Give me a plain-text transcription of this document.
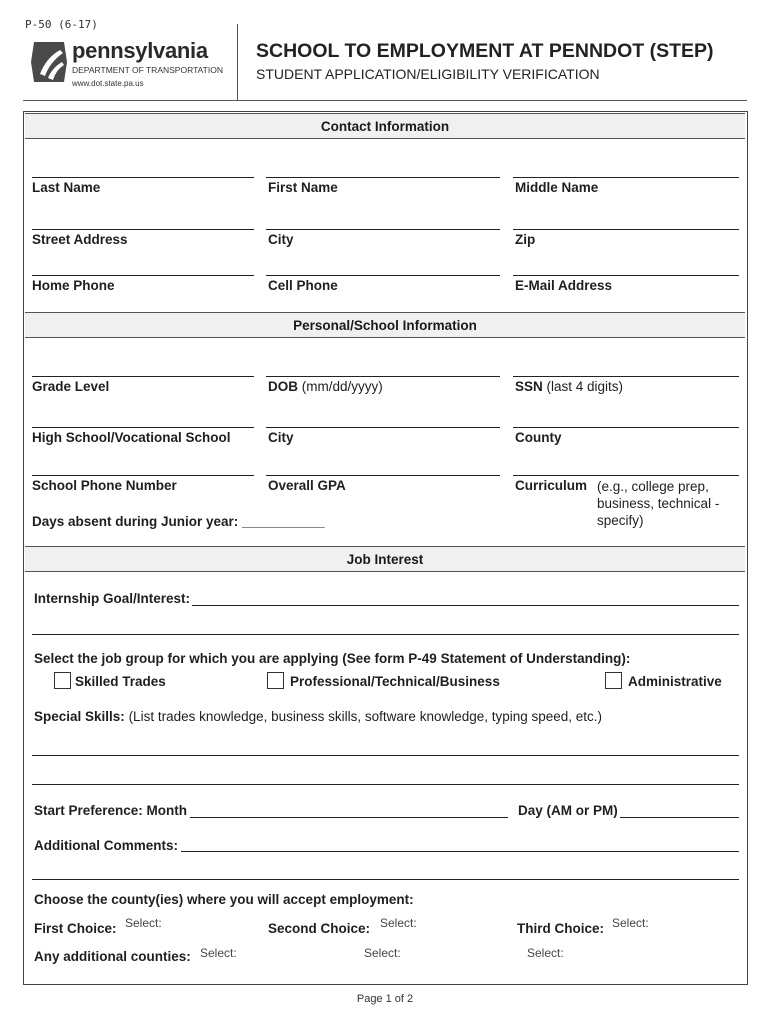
P-50 (6-17)
pennsylvania
DEPARTMENT OF TRANSPORTATION
www.dot.state.pa.us
SCHOOL TO EMPLOYMENT AT PENNDOT (STEP)
STUDENT APPLICATION/ELIGIBILITY VERIFICATION
Contact Information
Last Name	First Name	Middle Name
Street Address	City	Zip
Home Phone	Cell Phone	E-Mail Address
Personal/School Information
Grade Level	DOB (mm/dd/yyyy)	SSN (last 4 digits)
High School/Vocational School	City	County
School Phone Number	Overall GPA	Curriculum (e.g., college prep,
business, technical -
specify)
Days absent during Junior year: ___________
Job Interest
Internship Goal/Interest:
Select the job group for which you are applying (See form P-49 Statement of Understanding):
Skilled Trades	Professional/Technical/Business	Administrative
Special Skills: (List trades knowledge, business skills, software knowledge, typing speed, etc.)
Start Preference: Month	Day (AM or PM)
Additional Comments:
Choose the county(ies) where you will accept employment:
First Choice: Select:	Second Choice: Select:	Third Choice: Select:
Any additional counties: Select:	Select:	Select:
Page 1 of 2
